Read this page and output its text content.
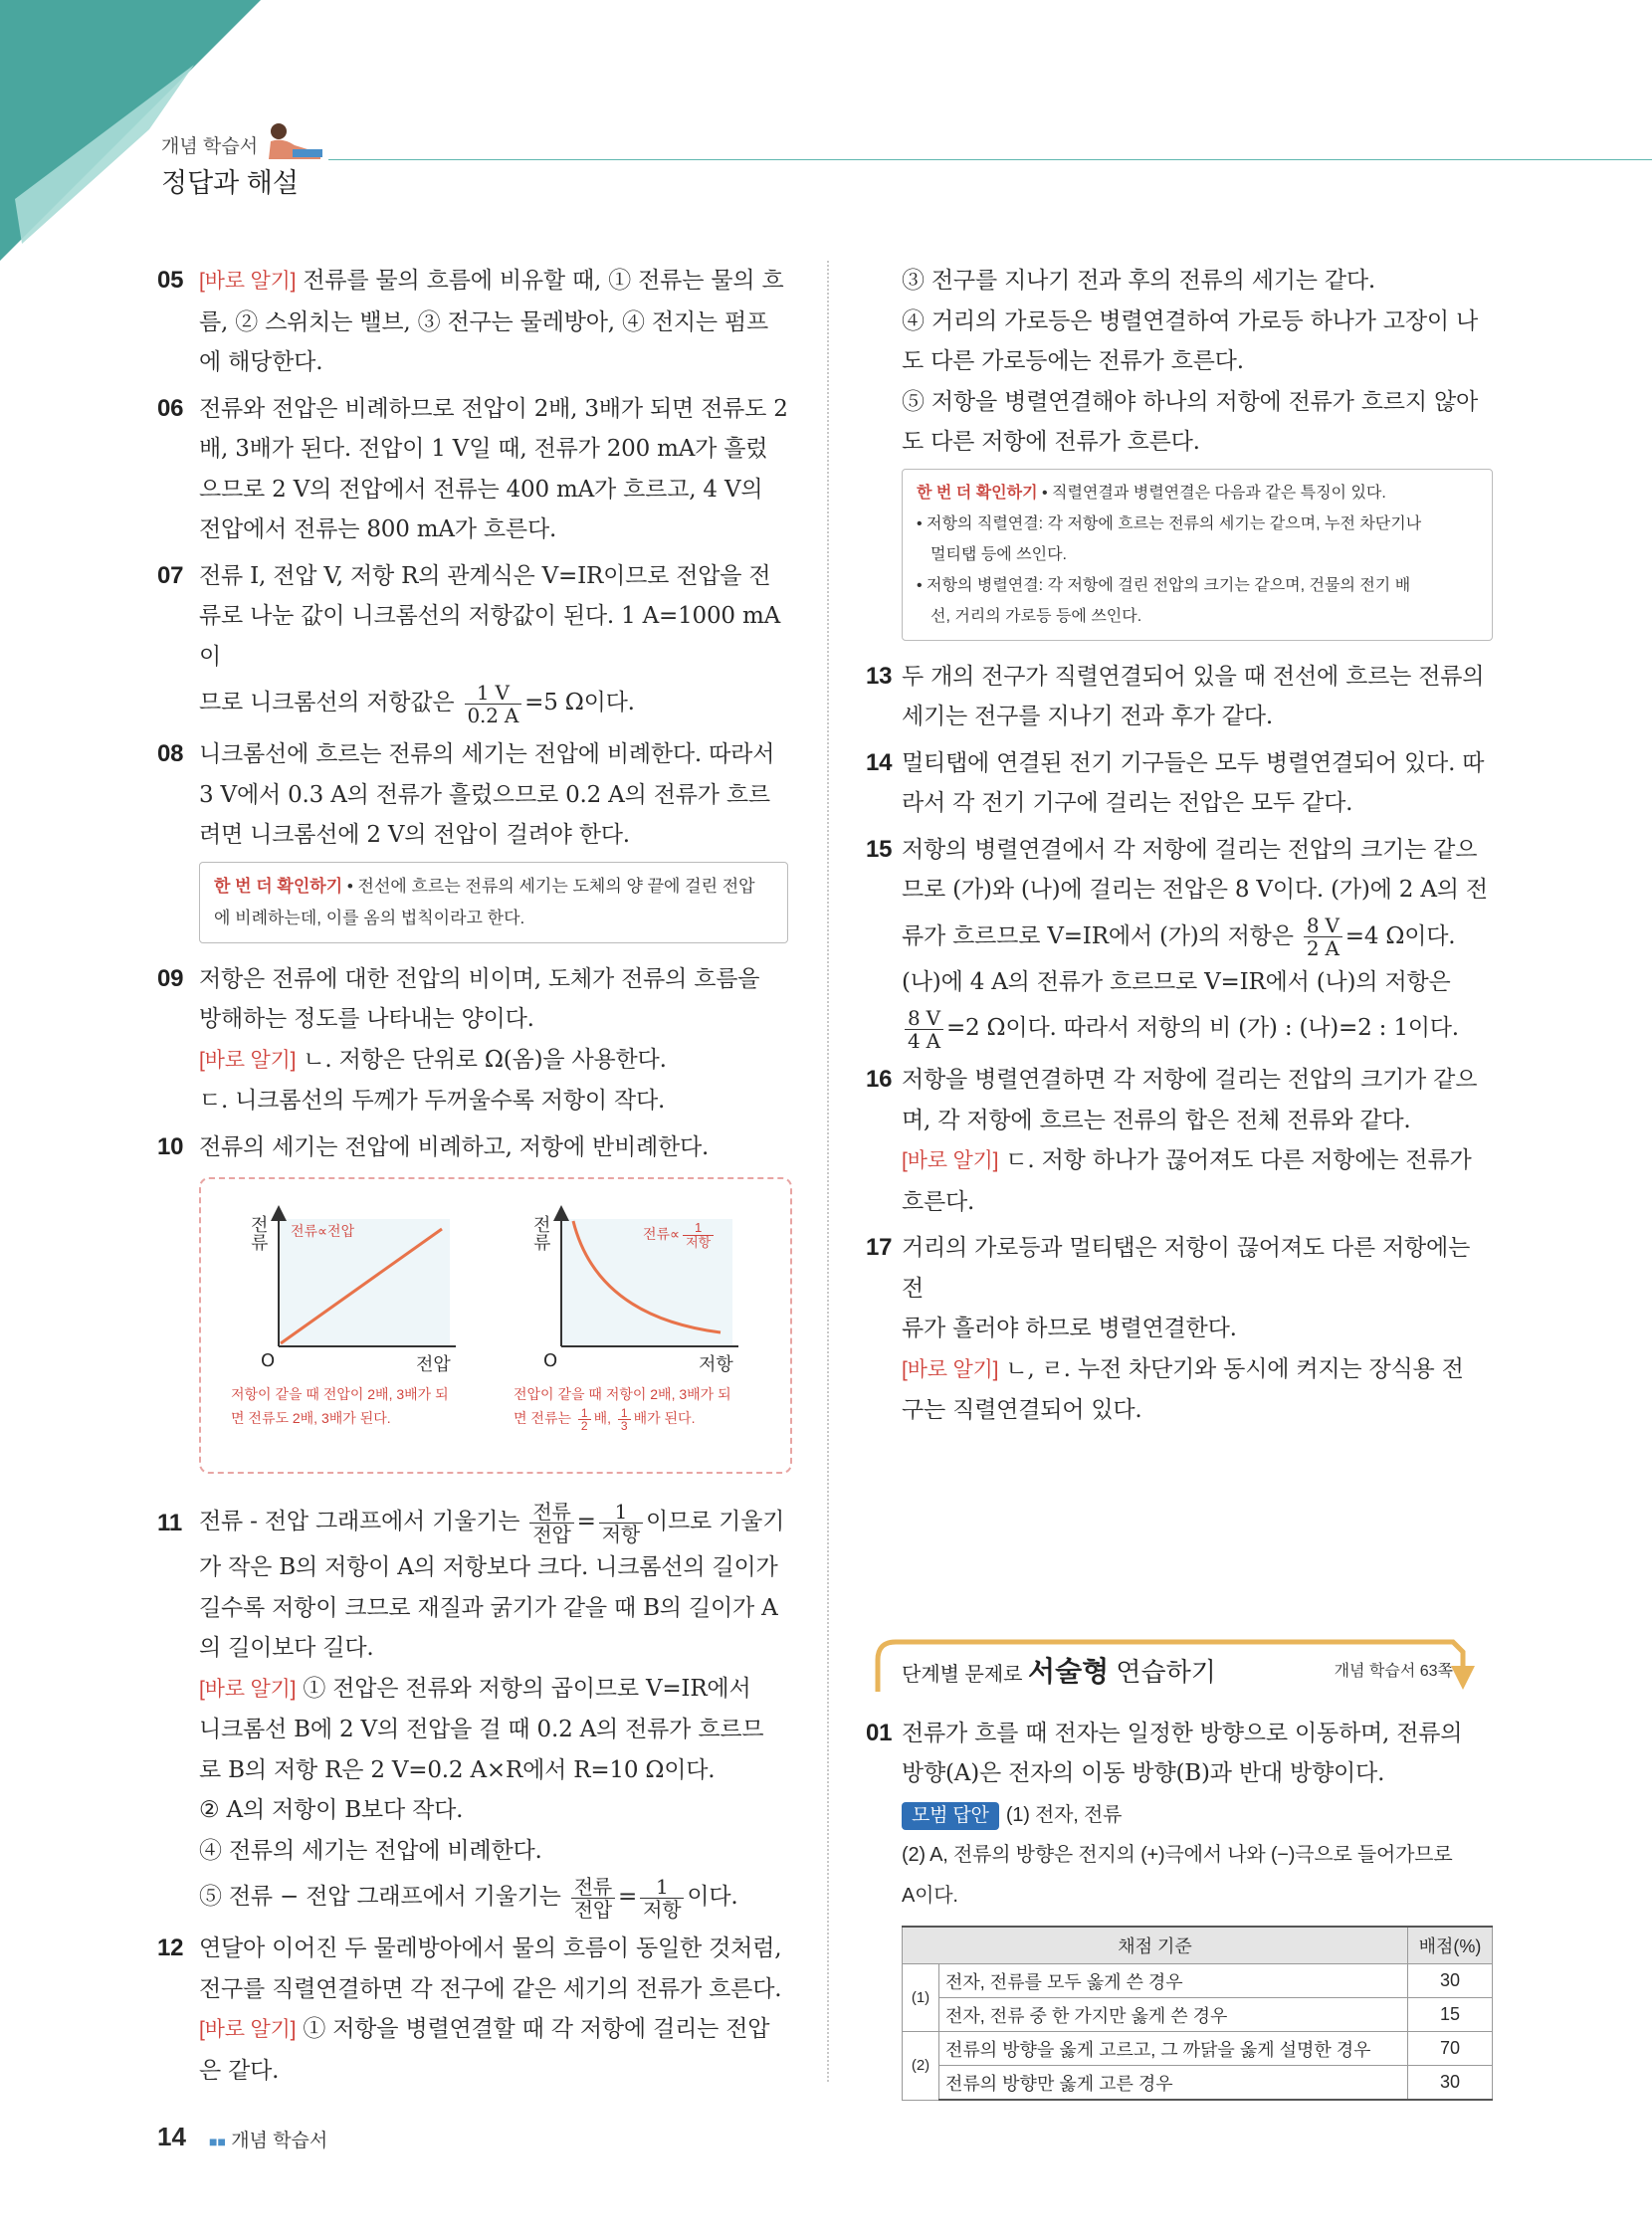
개념 학습서
정답과 해설
05 [바로 알기] 전류를 물의 흐름에 비유할 때, ① 전류는 물의 흐
름, ② 스위치는 밸브, ③ 전구는 물레방아, ④ 전지는 펌프
에 해당한다.
06 전류와 전압은 비례하므로 전압이 2배, 3배가 되면 전류도 2
배, 3배가 된다. 전압이 1 V일 때, 전류가 200 mA가 흘렀
으므로 2 V의 전압에서 전류는 400 mA가 흐르고, 4 V의
전압에서 전류는 800 mA가 흐른다.
07 전류 I, 전압 V, 저항 R의 관계식은 V=IR이므로 전압을 전
류로 나눈 값이 니크롬선의 저항값이 된다. 1 A=1000 mA이
므로 니크롬선의 저항값은 $\frac{1 V}{0.2 A} =5$ Ω이다.
08 니크롬선에 흐르는 전류의 세기는 전압에 비례한다. 따라서
3 V에서 0.3 A의 전류가 흘렀으므로 0.2 A의 전류가 흐르
려면 니크롬선에 2 V의 전압이 걸려야 한다.
한 번 더 확인하기 • 전선에 흐르는 전류의 세기는 도체의 양 끝에 걸린 전압
에 비례하는데, 이를 옴의 법칙이라고 한다.
09 저항은 전류에 대한 전압의 비이며, 도체가 전류의 흐름을
방해하는 정도를 나타내는 양이다.
[바로 알기] ㄴ. 저항은 단위로 Ω(옴)을 사용한다.
ㄷ. 니크롬선의 두께가 두꺼울수록 저항이 작다.
10 전류의 세기는 전압에 비례하고, 저항에 반비례한다.
전류
전류∝전압
O	전압
저항이 같을 때 전압이 2배, 3배가 되
면 전류도 2배, 3배가 된다.
전류	전류∝ $\frac{1}{\text{저항}}$
O	저항
전압이 같을 때 저항이 2배, 3배가 되
면 전류는 $\frac{1}{2}$ 배, $\frac{1}{3}$ 배가 된다.
11 전류 - 전압 그래프에서 기울기는 $\frac{\text{전류}}{\text{전압}} = \frac{1}{\text{저항}}$ 이므로 기울기
가 작은 B의 저항이 A의 저항보다 크다. 니크롬선의 길이가
길수록 저항이 크므로 재질과 굵기가 같을 때 B의 길이가 A
의 길이보다 길다.
[바로 알기] ① 전압은 전류와 저항의 곱이므로 V=IR에서
니크롬선 B에 2 V의 전압을 걸 때 0.2 A의 전류가 흐르므
로 B의 저항 R은 2 V=0.2 A×R에서 R=10 Ω이다.
② A의 저항이 B보다 작다.
④ 전류의 세기는 전압에 비례한다.
⑤ 전류 − 전압 그래프에서 기울기는 $\frac{\text{전류}}{\text{전압}} = \frac{1}{\text{저항}}$ 이다.
12 연달아 이어진 두 물레방아에서 물의 흐름이 동일한 것처럼,
전구를 직렬연결하면 각 전구에 같은 세기의 전류가 흐른다.
[바로 알기] ① 저항을 병렬연결할 때 각 저항에 걸리는 전압
은 같다.
③ 전구를 지나기 전과 후의 전류의 세기는 같다.
④ 거리의 가로등은 병렬연결하여 가로등 하나가 고장이 나
도 다른 가로등에는 전류가 흐른다.
⑤ 저항을 병렬연결해야 하나의 저항에 전류가 흐르지 않아
도 다른 저항에 전류가 흐른다.
한 번 더 확인하기 • 직렬연결과 병렬연결은 다음과 같은 특징이 있다.
• 저항의 직렬연결: 각 저항에 흐르는 전류의 세기는 같으며, 누전 차단기나
멀티탭 등에 쓰인다.
• 저항의 병렬연결: 각 저항에 걸린 전압의 크기는 같으며, 건물의 전기 배
선, 거리의 가로등 등에 쓰인다.
13 두 개의 전구가 직렬연결되어 있을 때 전선에 흐르는 전류의
세기는 전구를 지나기 전과 후가 같다.
14 멀티탭에 연결된 전기 기구들은 모두 병렬연결되어 있다. 따
라서 각 전기 기구에 걸리는 전압은 모두 같다.
15 저항의 병렬연결에서 각 저항에 걸리는 전압의 크기는 같으
므로 (가)와 (나)에 걸리는 전압은 8 V이다. (가)에 2 A의 전
류가 흐르므로 V=IR에서 (가)의 저항은 $\frac{8 V}{2 A} =4$ Ω이다.
(나)에 4 A의 전류가 흐르므로 V=IR에서 (나)의 저항은
$\frac{8 V}{4 A} =2$ Ω이다. 따라서 저항의 비 (가) : (나)=2 : 1이다.
16 저항을 병렬연결하면 각 저항에 걸리는 전압의 크기가 같으
며, 각 저항에 흐르는 전류의 합은 전체 전류와 같다.
[바로 알기] ㄷ. 저항 하나가 끊어져도 다른 저항에는 전류가
흐른다.
17 거리의 가로등과 멀티탭은 저항이 끊어져도 다른 저항에는 전
류가 흘러야 하므로 병렬연결한다.
[바로 알기] ㄴ, ㄹ. 누전 차단기와 동시에 켜지는 장식용 전
구는 직렬연결되어 있다.
단계별 문제로 서술형 연습하기	개념 학습서 63쪽
01 전류가 흐를 때 전자는 일정한 방향으로 이동하며, 전류의
방향(A)은 전자의 이동 방향(B)과 반대 방향이다.
모범 답안 (1) 전자, 전류
(2) A, 전류의 방향은 전지의 (+)극에서 나와 (−)극으로 들어가므로
A이다.
채점 기준		배점(%)
(1)	전자, 전류를 모두 옳게 쓴 경우	30
	전자, 전류 중 한 가지만 옳게 쓴 경우	15
(2)	전류의 방향을 옳게 고르고, 그 까닭을 옳게 설명한 경우	70
	전류의 방향만 옳게 고른 경우	30
14 ■■ 개념 학습서
